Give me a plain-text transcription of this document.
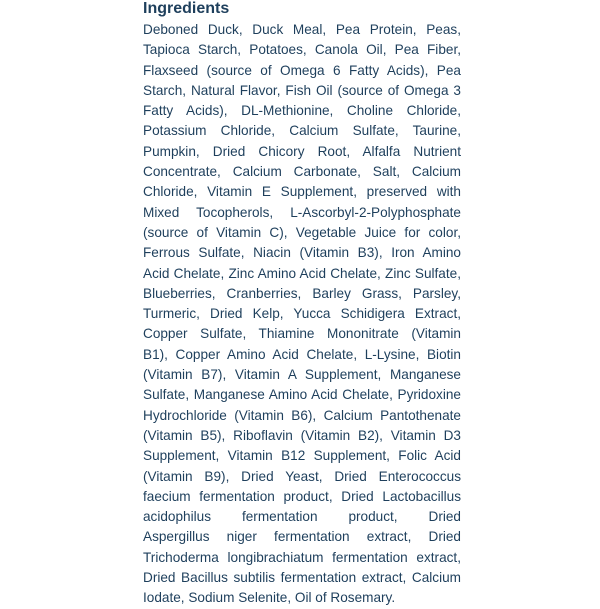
Ingredients
Deboned Duck, Duck Meal, Pea Protein, Peas,
Tapioca Starch, Potatoes, Canola Oil, Pea Fiber,
Flaxseed (source of Omega 6 Fatty Acids), Pea
Starch, Natural Flavor, Fish Oil (source of Omega 3
Fatty Acids), DL-Methionine, Choline Chloride,
Potassium Chloride, Calcium Sulfate, Taurine,
Pumpkin, Dried Chicory Root, Alfalfa Nutrient
Concentrate, Calcium Carbonate, Salt, Calcium
Chloride, Vitamin E Supplement, preserved with
Mixed Tocopherols, L-Ascorbyl-2-Polyphosphate
(source of Vitamin C), Vegetable Juice for color,
Ferrous Sulfate, Niacin (Vitamin B3), Iron Amino
Acid Chelate, Zinc Amino Acid Chelate, Zinc Sulfate,
Blueberries, Cranberries, Barley Grass, Parsley,
Turmeric, Dried Kelp, Yucca Schidigera Extract,
Copper Sulfate, Thiamine Mononitrate (Vitamin
B1), Copper Amino Acid Chelate, L-Lysine, Biotin
(Vitamin B7), Vitamin A Supplement, Manganese
Sulfate, Manganese Amino Acid Chelate, Pyridoxine
Hydrochloride (Vitamin B6), Calcium Pantothenate
(Vitamin B5), Riboflavin (Vitamin B2), Vitamin D3
Supplement, Vitamin B12 Supplement, Folic Acid
(Vitamin B9), Dried Yeast, Dried Enterococcus
faecium fermentation product, Dried Lactobacillus
acidophilus fermentation product, Dried
Aspergillus niger fermentation extract, Dried
Trichoderma longibrachiatum fermentation extract,
Dried Bacillus subtilis fermentation extract, Calcium
Iodate, Sodium Selenite, Oil of Rosemary.
